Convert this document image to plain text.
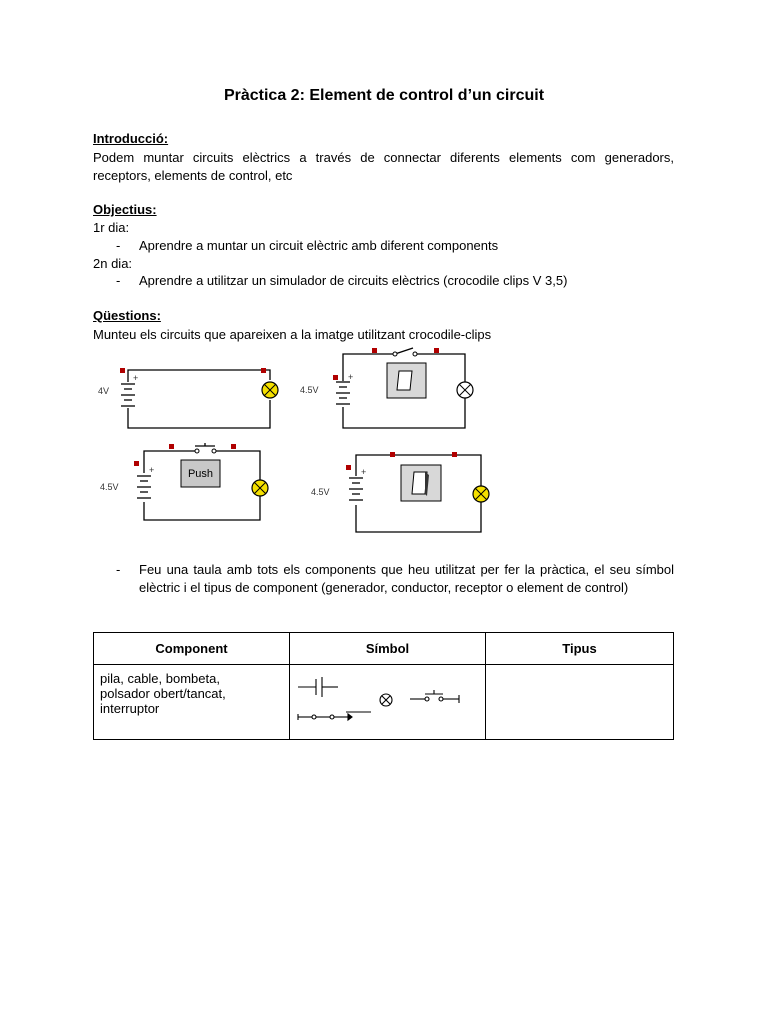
Pràctica 2: Element de control d’un circuit
Introducció:
Podem muntar circuits elèctrics a través de connectar diferents elements com generadors, receptors, elements de control, etc
Objectius:
1r dia:
- Aprendre a muntar un circuit elèctric amb diferent components
2n dia:
- Aprendre a utilitzar un simulador de circuits elèctrics (crocodile clips V 3,5)
Qüestions:
Munteu els circuits que apareixen a la imatge utilitzant crocodile-clips
+
4V
+
4.5V
Push
+
4.5V
+
4.5V
- Feu una taula amb tots els components que heu utilitzat per fer la pràctica, el seu símbol elèctric i el tipus de component (generador, conductor, receptor o element de control)
Component	Símbol	Tipus

pila, cable, bombeta,
polsador obert/tancat,
interruptor
